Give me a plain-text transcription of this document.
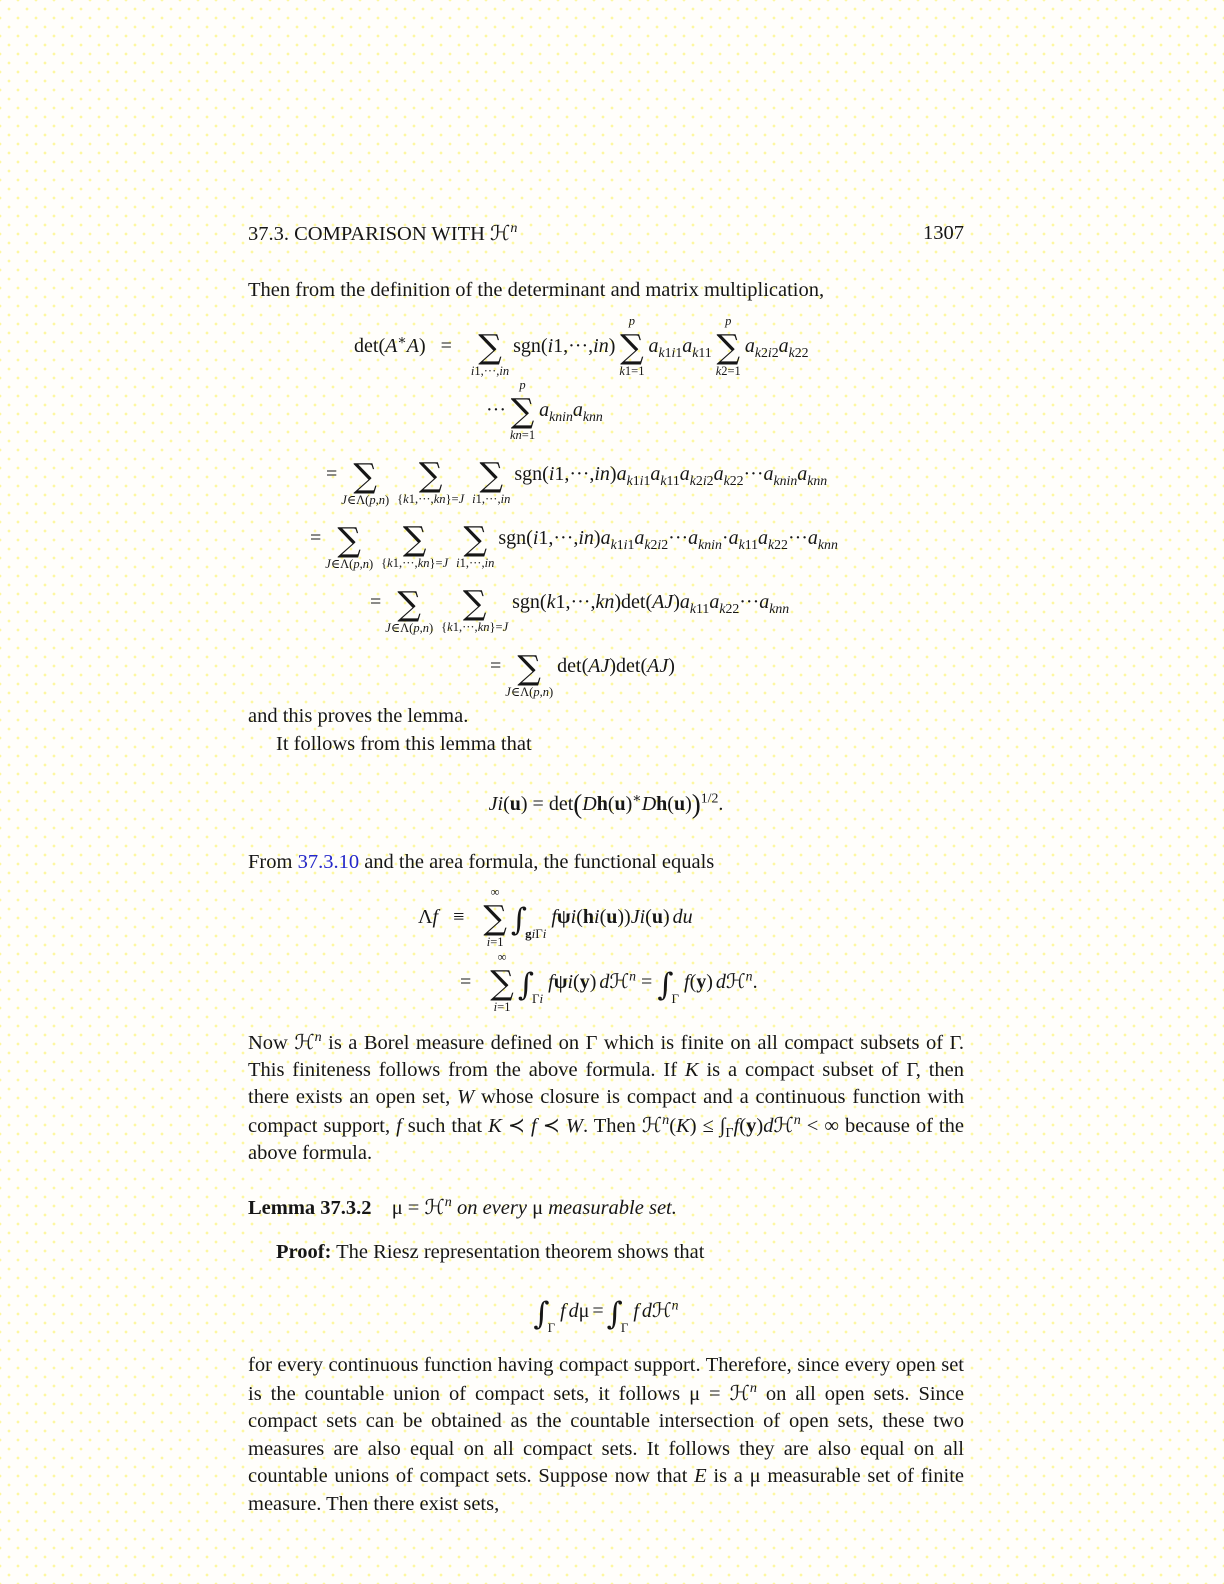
37.3. COMPARISON WITH ℋ$^n$	1307

Then from the definition of the determinant and matrix multiplication,

det(A∗A) = ∑
i1,···,in
sgn(i1,···,in)
p
∑
k1=1
$a_{k1i1}a_{k11}$
p
∑
k2=1
$a_{k2i2}a_{k22}$
···
p
∑
kn=1
$a_{knin}a_{knn}$
= ∑
J∈Λ(p,n)
∑
{k1,···,kn}=J
∑
i1,···,in
$sgn(i1,\cdot\cdot\cdot,in)a_{k1i1}a_{k11}a_{k2i2}a_{k22}\cdot\cdot\cdot a_{knin}a_{knn}$
= ∑
J∈Λ(p,n)
∑
{k1,···,kn}=J
∑
i1,···,in
$sgn(i1,\cdot\cdot\cdot,in)a_{k1i1}a_{k2i2}\cdot\cdot\cdot a_{knin}\cdot a_{k11}a_{k22}\cdot\cdot\cdot a_{knn}$
= ∑
J∈Λ(p,n)
∑
{k1,···,kn}=J
$sgn(k1,\cdot\cdot\cdot,kn)\det(AJ)a_{k11}a_{k22}\cdot\cdot\cdot a_{knn}$
= ∑
J∈Λ(p,n)
det(AJ)det(AJ)

and this proves the lemma.

It follows from this lemma that

$Ji(u) = \det(Dh(u)^∗Dh(u))^{1/2}$.

From 37.3.10 and the area formula, the functional equals

Λf ≡
∞
∑
i=1
$\int_{gi\Gamma i}f\psi i(hi(u))Ji(u)$ du
=
∞
∑
i=1
$\int_{\Gamma i}f\psi i(y)$ dℋ$^n$ = $\int_\Gamma f(y)$ dℋ$^n$.

Now ℋ$^n$ is a Borel measure defined on Γ which is finite on all compact subsets of Γ. This finiteness follows from the above formula. If K is a compact subset of Γ, then there exists an open set, W whose closure is compact and a continuous function with compact support, f such that K ≺ f ≺ W. Then ℋ$^n$(K) ≤ $\int_\Gamma f(y)dℋ^n$ < ∞ because of the above formula.

Lemma 37.3.2 μ = ℋ$^n$ on every μ measurable set.

Proof: The Riesz representation theorem shows that

$\int_\Gamma f$ $d\mu =\int_\Gamma f$ dℋ$^n$

for every continuous function having compact support. Therefore, since every open set is the countable union of compact sets, it follows μ = ℋ$^n$ on all open sets. Since compact sets can be obtained as the countable intersection of open sets, these two measures are also equal on all compact sets. It follows they are also equal on all countable unions of compact sets. Suppose now that E is a μ measurable set of finite measure. Then there exist sets,
